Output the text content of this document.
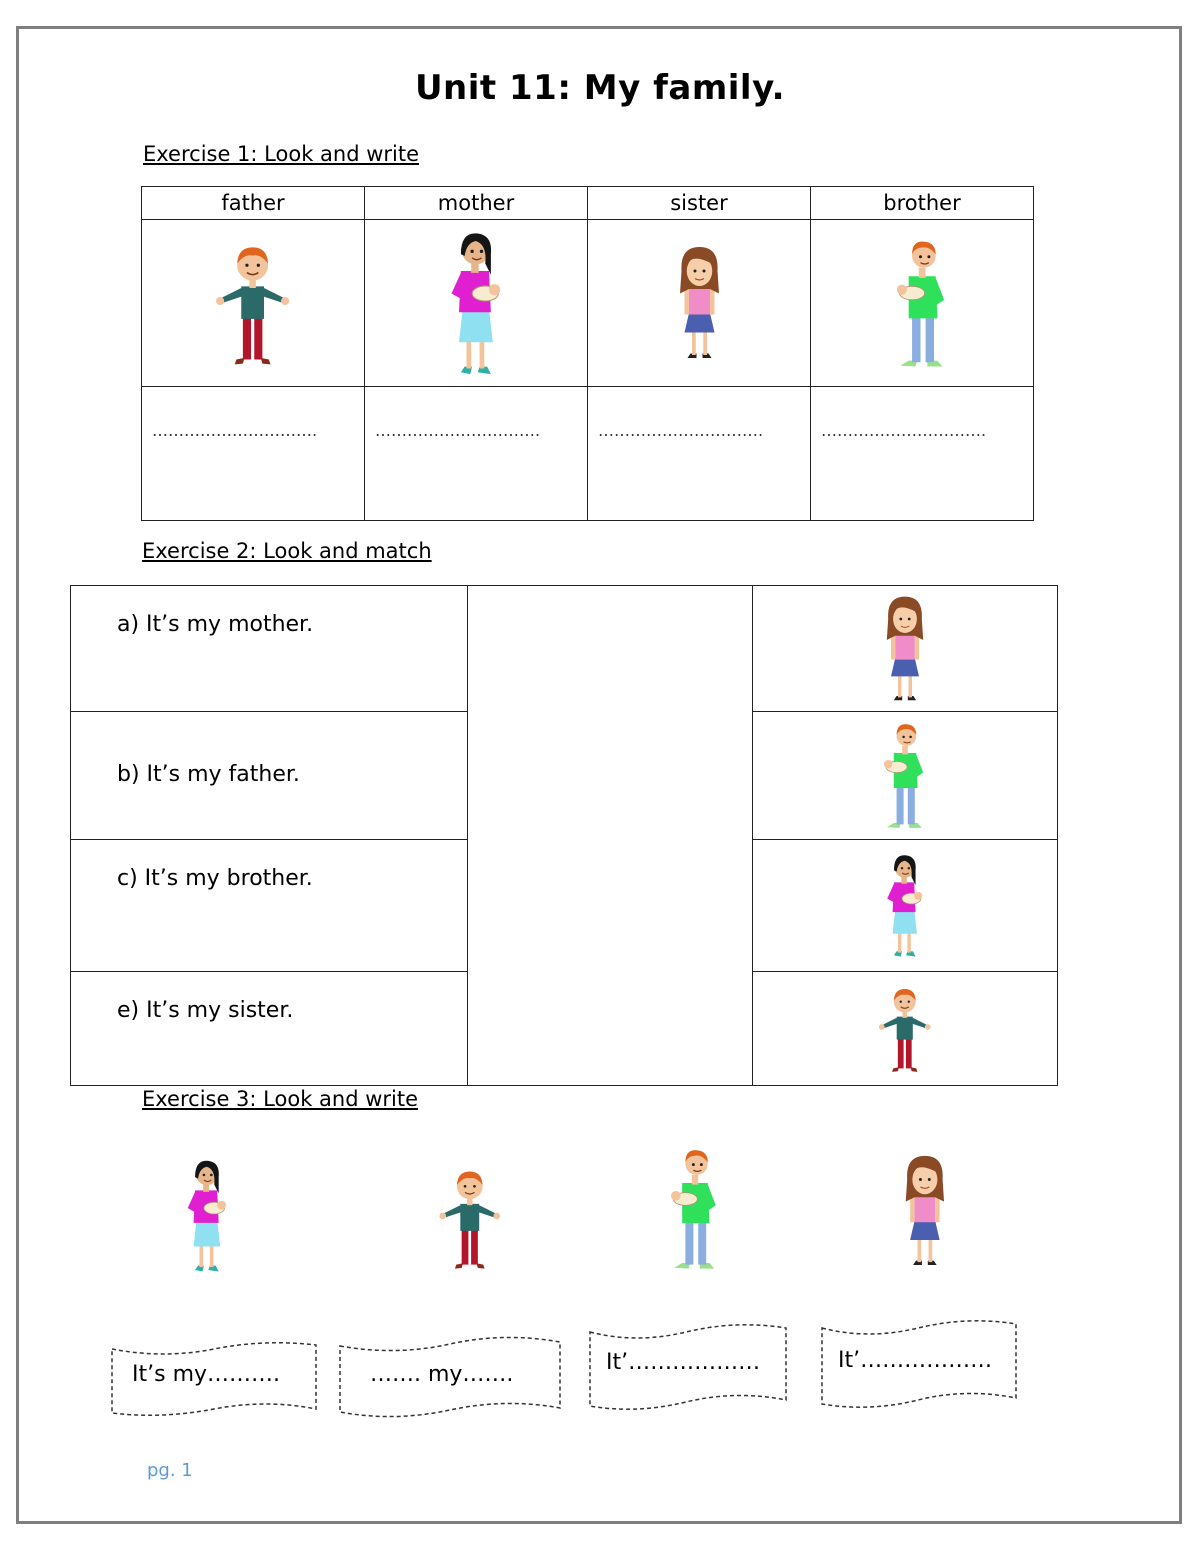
Unit 11: My family.
Exercise 1: Look and write
father	mother	sister	brother

………………………….	………………………….	………………………….	………………………….
Exercise 2: Look and match
a) It’s my mother.		
b) It’s my father.	
c) It’s my brother.	
e) It’s my sister.	
Exercise 3: Look and write
It’s my……….	……. my…….	It’………………	It’………………
pg. 1
